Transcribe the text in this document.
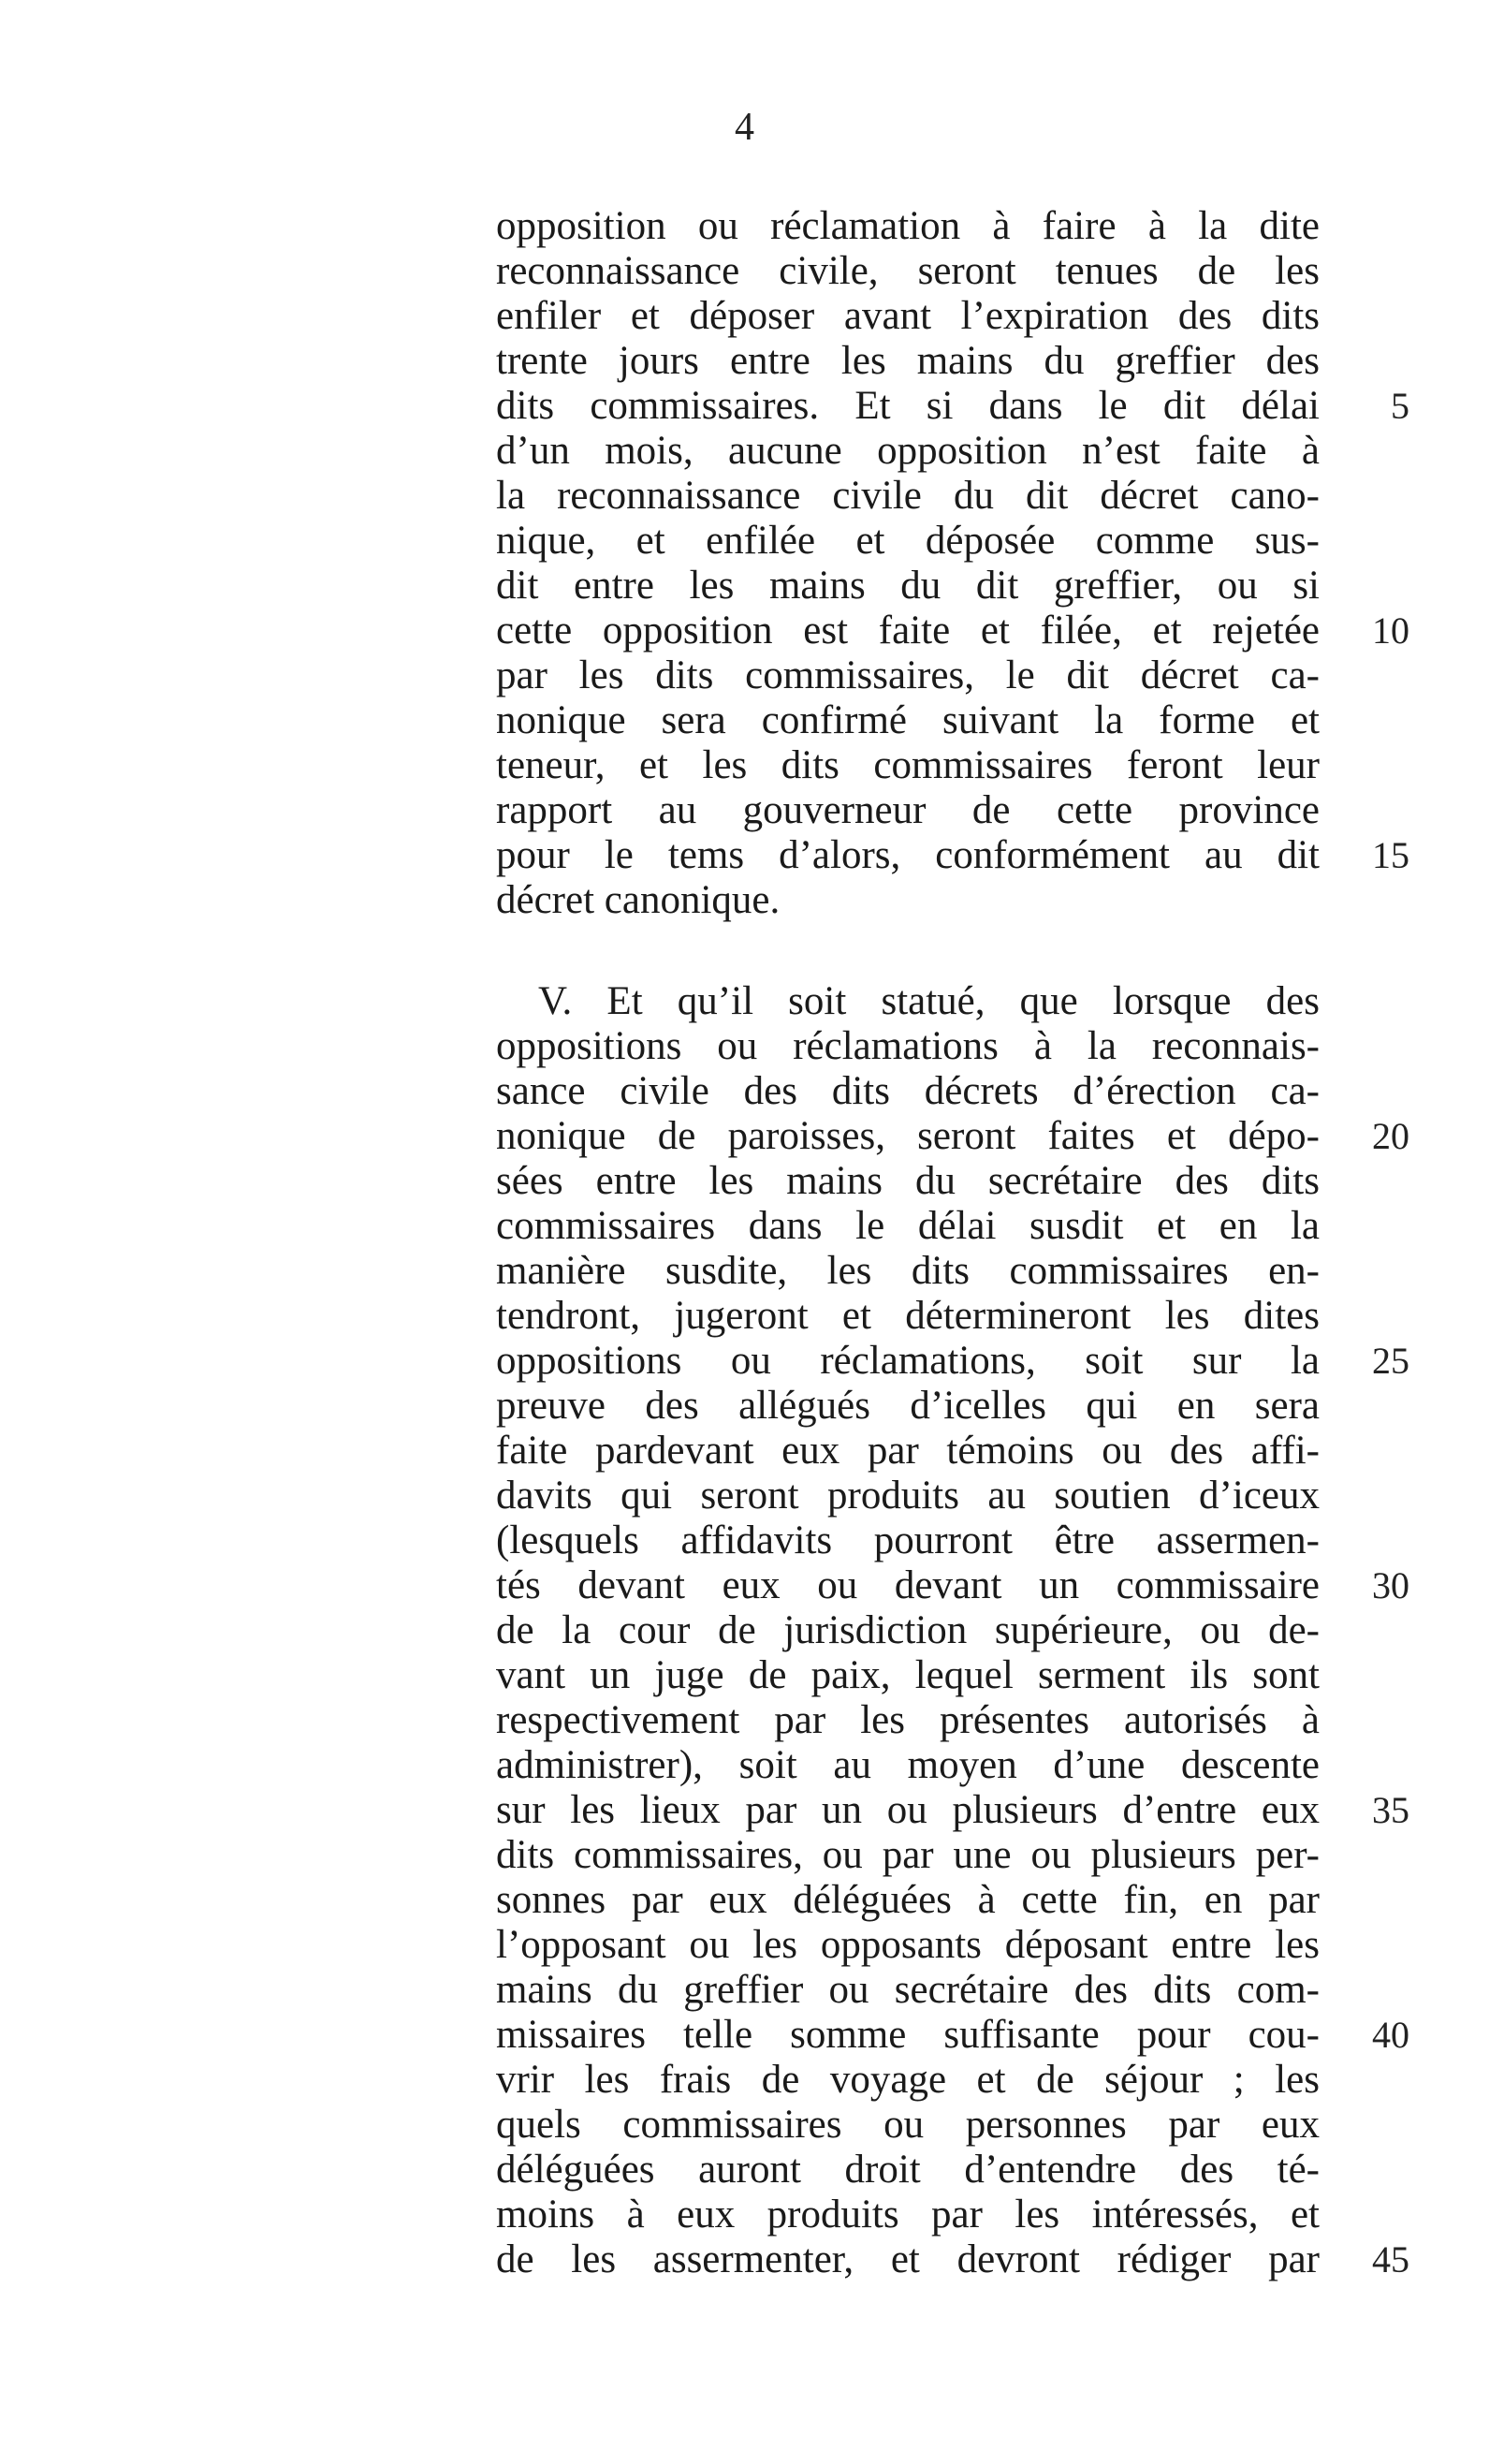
4
opposition ou réclamation à faire à la dite
reconnaissance civile, seront tenues de les
enfiler et déposer avant l’expiration des dits
trente jours entre les mains du greffier des
dits commissaires. Et si dans le dit délai
d’un mois, aucune opposition n’est faite à
la reconnaissance civile du dit décret cano-
nique, et enfilée et déposée comme sus-
dit entre les mains du dit greffier, ou si
cette opposition est faite et filée, et rejetée
par les dits commissaires, le dit décret ca-
nonique sera confirmé suivant la forme et
teneur, et les dits commissaires feront leur
rapport au gouverneur de cette province
pour le tems d’alors, conformément au dit
décret canonique.
V. Et qu’il soit statué, que lorsque des
oppositions ou réclamations à la reconnais-
sance civile des dits décrets d’érection ca-
nonique de paroisses, seront faites et dépo-
sées entre les mains du secrétaire des dits
commissaires dans le délai susdit et en la
manière susdite, les dits commissaires en-
tendront, jugeront et détermineront les dites
oppositions ou réclamations, soit sur la
preuve des allégués d’icelles qui en sera
faite pardevant eux par témoins ou des affi-
davits qui seront produits au soutien d’iceux
(lesquels affidavits pourront être assermen-
tés devant eux ou devant un commissaire
de la cour de jurisdiction supérieure, ou de-
vant un juge de paix, lequel serment ils sont
respectivement par les présentes autorisés à
administrer), soit au moyen d’une descente
sur les lieux par un ou plusieurs d’entre eux
dits commissaires, ou par une ou plusieurs per-
sonnes par eux déléguées à cette fin, en par
l’opposant ou les opposants déposant entre les
mains du greffier ou secrétaire des dits com-
missaires telle somme suffisante pour cou-
vrir les frais de voyage et de séjour ; les
quels commissaires ou personnes par eux
déléguées auront droit d’entendre des té-
moins à eux produits par les intéressés, et
de les assermenter, et devront rédiger par
5
10
15
20
25
30
35
40
45
